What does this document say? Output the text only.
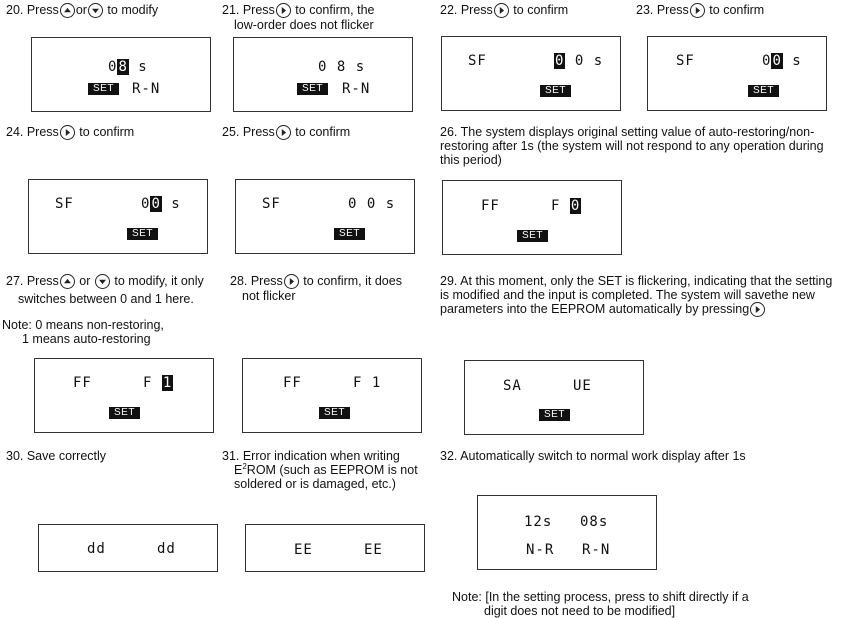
20. Press or to modify	21. Press to confirm, the
low-order does not flicker
22. Press to confirm	23. Press to confirm
08 s
SET	R-N
0 8 s
SET	R-N
SF	0 0 s
SET
SF	00 s
SET
24. Press to confirm	25. Press to confirm	26. The system displays original setting value of auto-restoring/non-
restoring after 1s (the system will not respond to any operation during
this period)
SF	00 s
SET
SF	0 0 s
SET
FF	F 0
SET
27. Press or to modify, it only
switches between 0 and 1 here.
Note: 0 means non-restoring,
1 means auto-restoring
28. Press to confirm, it does
not flicker
29. At this moment, only the SET is flickering, indicating that the setting
is modified and the input is completed. The system will savethe new
parameters into the EEPROM automatically by pressing
FF	F 1
SET
FF	F 1
SET
SA	UE
SET
30. Save correctly	31. Error indication when writing
$E^2ROM$ (such as EEPROM is not
soldered or is damaged, etc.)
32. Automatically switch to normal work display after 1s
dd	dd	EE	EE
12s 08s
N-R R-N
Note: [In the setting process, press to shift directly if a
digit does not need to be modified]
